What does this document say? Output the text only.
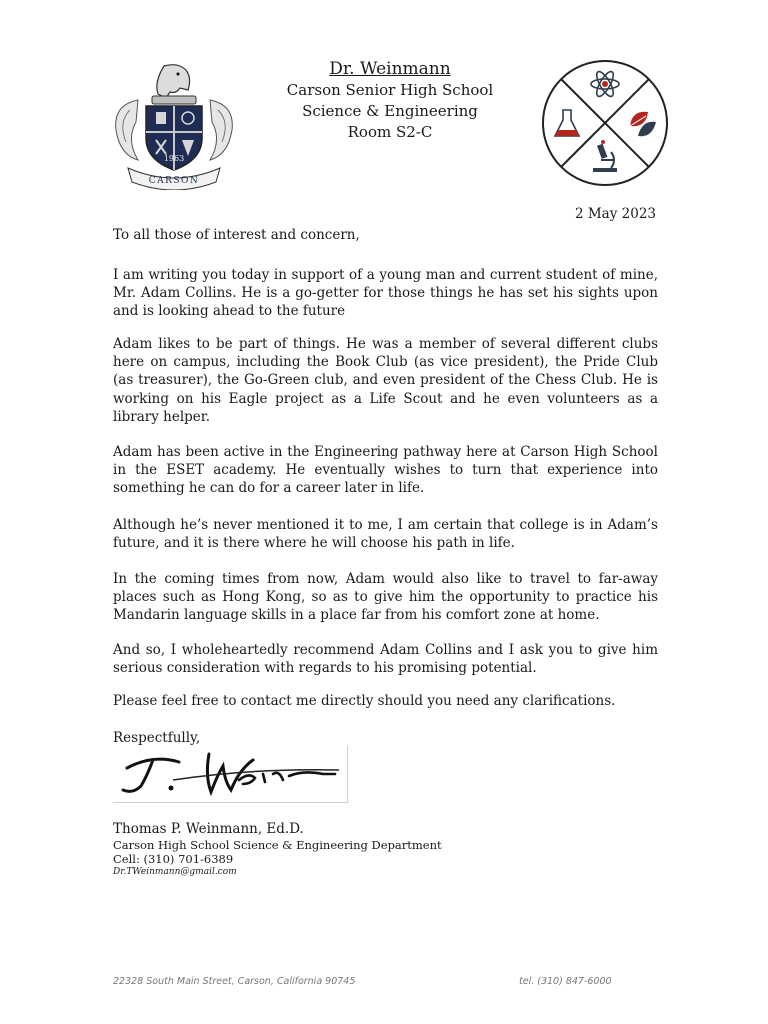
1963
CARSON
Dr. Weinmann
Carson Senior High School
Science & Engineering
Room S2-C
2 May 2023

To all those of interest and concern,

I am writing you today in support of a young man and current student of mine, Mr. Adam Collins. He is a go-getter for those things he has set his sights upon and is looking ahead to the future

Adam likes to be part of things. He was a member of several different clubs here on campus, including the Book Club (as vice president), the Pride Club (as treasurer), the Go-Green club, and even president of the Chess Club. He is working on his Eagle project as a Life Scout and he even volunteers as a library helper.

Adam has been active in the Engineering pathway here at Carson High School in the ESET academy. He eventually wishes to turn that experience into something he can do for a career later in life.

Although he’s never mentioned it to me, I am certain that college is in Adam’s future, and it is there where he will choose his path in life.

In the coming times from now, Adam would also like to travel to far-away places such as Hong Kong, so as to give him the opportunity to practice his Mandarin language skills in a place far from his comfort zone at home.

And so, I wholeheartedly recommend Adam Collins and I ask you to give him serious consideration with regards to his promising potential.

Please feel free to contact me directly should you need any clarifications.

Respectfully,

Thomas P. Weinmann, Ed.D.
Carson High School Science & Engineering Department
Cell: (310) 701-6389
Dr.TWeinmann@gmail.com
22328 South Main Street, Carson, California 90745	tel. (310) 847-6000
